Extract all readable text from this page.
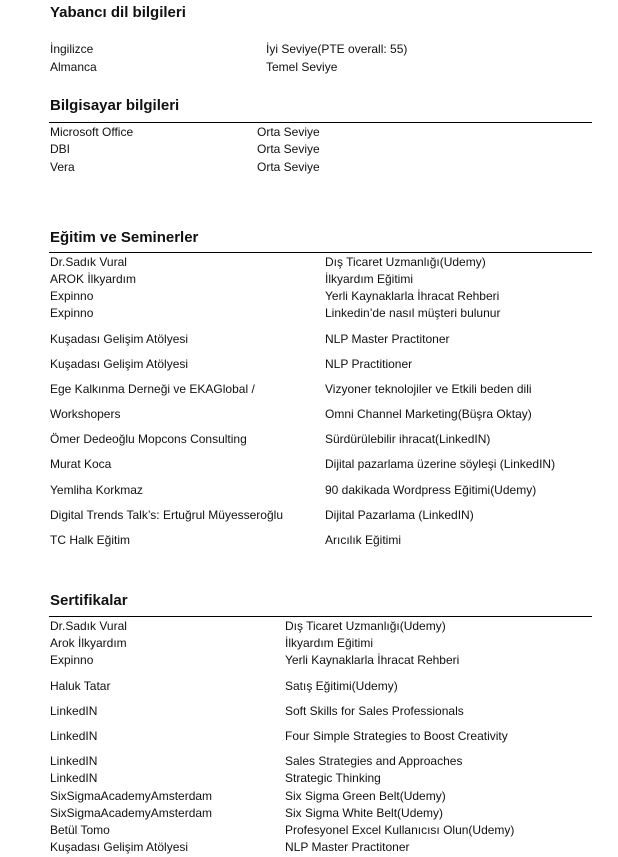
Yabancı dil bilgileri
İngilizce	İyi Seviye(PTE overall: 55)
Almanca	Temel Seviye
Bilgisayar bilgileri
Microsoft Office	Orta Seviye
DBI	Orta Seviye
Vera	Orta Seviye
Eğitim ve Seminerler
Dr.Sadık Vural	Dış Ticaret Uzmanlığı(Udemy)
AROK İlkyardım	İlkyardım Eğitimi
Expinno	Yerli Kaynaklarla İhracat Rehberi
Expinno	Linkedin’de nasıl müşteri bulunur
Kuşadası Gelişim Atölyesi	NLP Master Practitoner
Kuşadası Gelişim Atölyesi	NLP Practitioner
Ege Kalkınma Derneği ve EKAGlobal /	Vizyoner teknolojiler ve Etkili beden dili
Workshopers	Omni Channel Marketing(Büşra Oktay)
Ömer Dedeoğlu Mopcons Consulting	Sürdürülebilir ihracat(LinkedIN)
Murat Koca	Dijital pazarlama üzerine söyleşi (LinkedIN)
Yemliha Korkmaz	90 dakikada Wordpress Eğitimi(Udemy)
Digital Trends Talk’s: Ertuğrul Müyesseroğlu	Dijital Pazarlama (LinkedIN)
TC Halk Eğitim	Arıcılık Eğitimi
Sertifikalar
Dr.Sadık Vural	Dış Ticaret Uzmanlığı(Udemy)
Arok İlkyardım	İlkyardım Eğitimi
Expinno	Yerli Kaynaklarla İhracat Rehberi
Haluk Tatar	Satış Eğitimi(Udemy)
LinkedIN	Soft Skills for Sales Professionals
LinkedIN	Four Simple Strategies to Boost Creativity
LinkedIN	Sales Strategies and Approaches
LinkedIN	Strategic Thinking
SixSigmaAcademyAmsterdam	Six Sigma Green Belt(Udemy)
SixSigmaAcademyAmsterdam	Six Sigma White Belt(Udemy)
Betül Tomo	Profesyonel Excel Kullanıcısı Olun(Udemy)
Kuşadası Gelişim Atölyesi	NLP Master Practitoner
